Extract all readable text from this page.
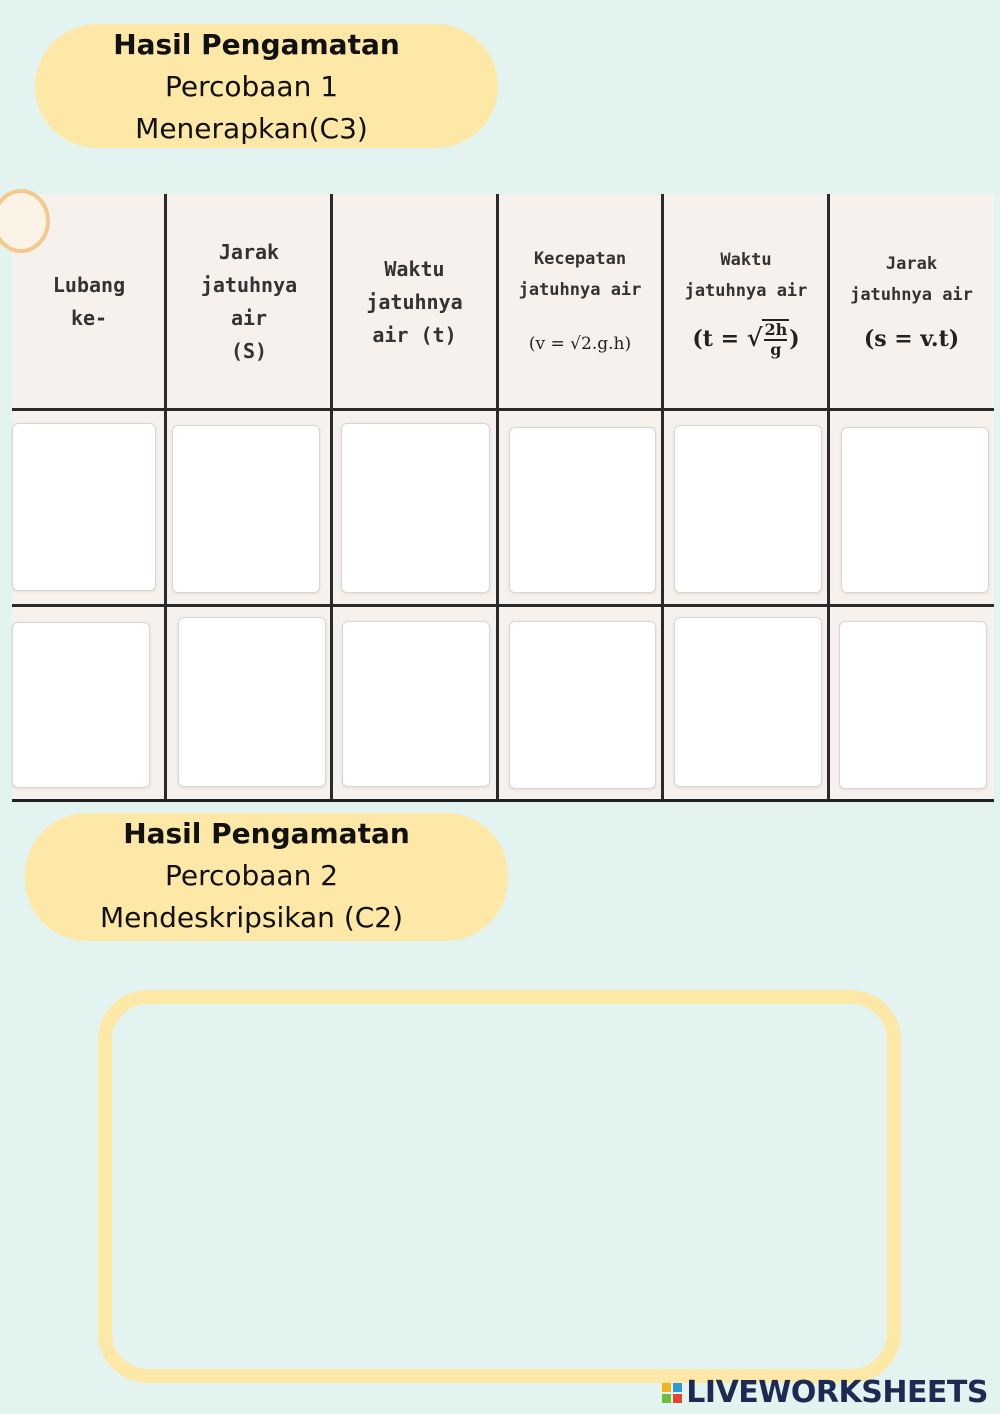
Hasil Pengamatan
Percobaan 1
Menerapkan(C3)
Lubang
ke-
Jarak
jatuhnya
air
(S)
Waktu
jatuhnya
air (t)
Kecepatan
jatuhnya air
(v = √2.g.h)
Waktu
jatuhnya air
(t = √ $\frac{2h}{g}$ )
Jarak
jatuhnya air
(s = v.t)
Hasil Pengamatan
Percobaan 2
Mendeskripsikan (C2)
LIVEWORKSHEETS
